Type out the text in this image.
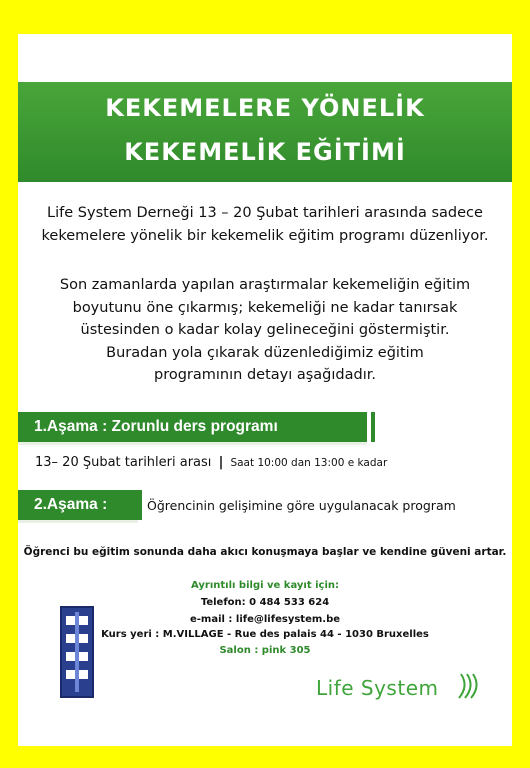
KEKEMELERE YÖNELİK
KEKEMELİK EĞİTİMİ
Life System Derneği 13 – 20 Şubat tarihleri arasında sadece
kekemelere yönelik bir kekemelik eğitim programı düzenliyor.
Son zamanlarda yapılan araştırmalar kekemeliğin eğitim
boyutunu öne çıkarmış; kekemeliği ne kadar tanırsak
üstesinden o kadar kolay gelineceğini göstermiştir.
Buradan yola çıkarak düzenlediğimiz eğitim
programının detayı aşağıdadır.
1.Aşama : Zorunlu ders programı
13– 20 Şubat tarihleri arası | Saat 10:00 dan 13:00 e kadar
2.Aşama :	Öğrencinin gelişimine göre uygulanacak program
Öğrenci bu eğitim sonunda daha akıcı konuşmaya başlar ve kendine güveni artar.
Ayrıntılı bilgi ve kayıt için:
Telefon: 0 484 533 624
e-mail : life@lifesystem.be
Kurs yeri : M.VILLAGE - Rue des palais 44 - 1030 Bruxelles
Salon : pink 305
Life System
